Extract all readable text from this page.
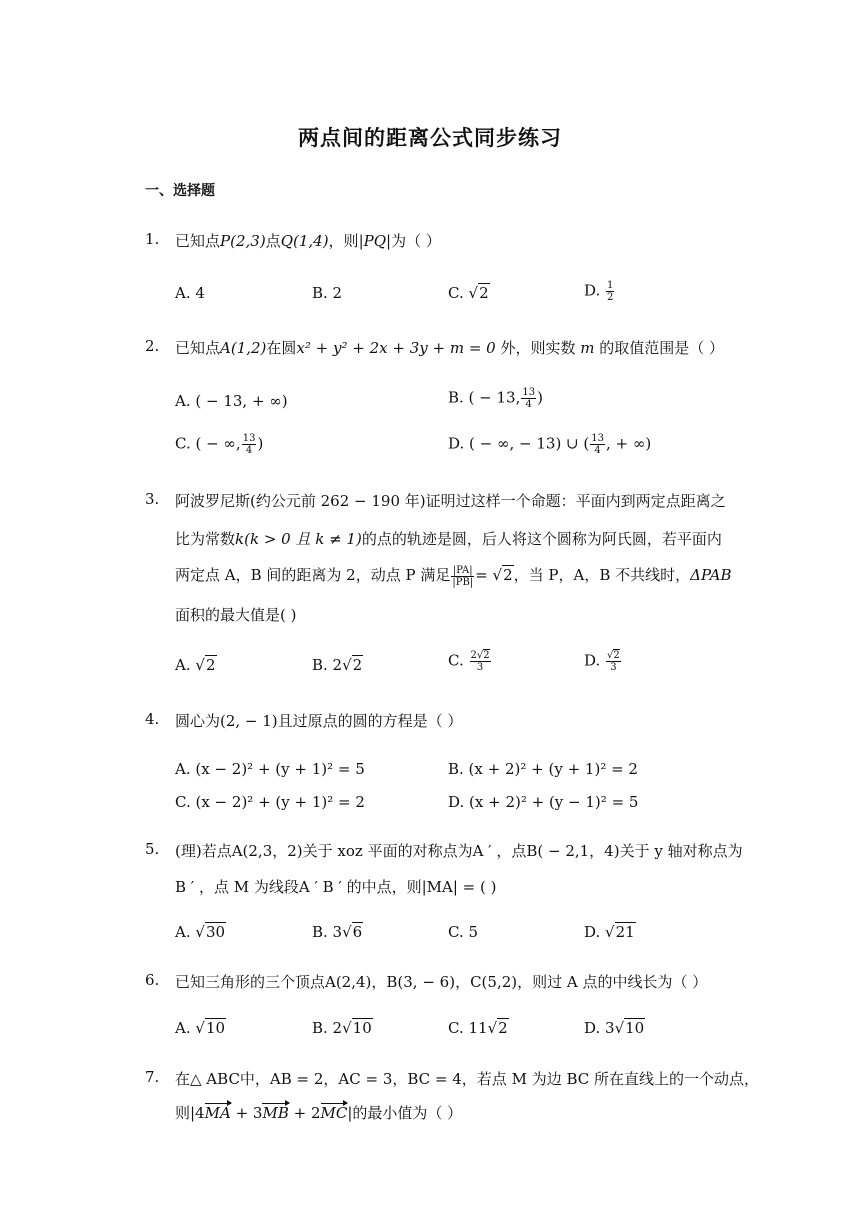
两点间的距离公式同步练习
一、选择题
1.	已知点P(2,3)点Q(1,4)，则|PQ|为（ ）
A. 4	B. 2	C. √2	D. $\frac{1}{2}$
2.	已知点A(1,2)在圆x² + y² + 2x + 3y + m = 0 外，则实数 m 的取值范围是（ ）
A. ( − 13, + ∞)	B. ( − 13, $\frac{13}{4}$ )
C. ( − ∞, $\frac{13}{4}$ )	D. ( − ∞, − 13) ∪ ( $\frac{13}{4}$ , + ∞)
3.	阿波罗尼斯(约公元前 262 − 190 年)证明过这样一个命题：平面内到两定点距离之
比为常数k(k > 0 且 k ≠ 1)的点的轨迹是圆，后人将这个圆称为阿氏圆，若平面内
两定点 A，B 间的距离为 2，动点 P 满足 $\frac{|PA|}{|PB|} = √2$，当 P，A，B 不共线时，ΔPAB
面积的最大值是( )
A. √2	B. 2√2	C. $\frac{2√2}{3}$	D. $\frac{√2}{3}$
4.	圆心为(2, − 1)且过原点的圆的方程是（ ）
A. (x − 2)² + (y + 1)² = 5	B. (x + 2)² + (y + 1)² = 2
C. (x − 2)² + (y + 1)² = 2	D. (x + 2)² + (y − 1)² = 5
5.	(理)若点A(2,3，2)关于 xoz 平面的对称点为A ′ ，点B( − 2,1，4)关于 y 轴对称点为
B ′ ，点 M 为线段A ′ B ′ 的中点，则|MA| = ( )
A. √30	B. 3√6	C. 5	D. √21
6.	已知三角形的三个顶点A(2,4)，B(3, − 6)，C(5,2)，则过 A 点的中线长为（ ）
A. √10	B. 2√10	C. 11√2	D. 3√10
7.	在△ ABC中，AB = 2，AC = 3，BC = 4，若点 M 为边 BC 所在直线上的一个动点，
则|4MA + 3MB + 2MC|的最小值为（ ）
